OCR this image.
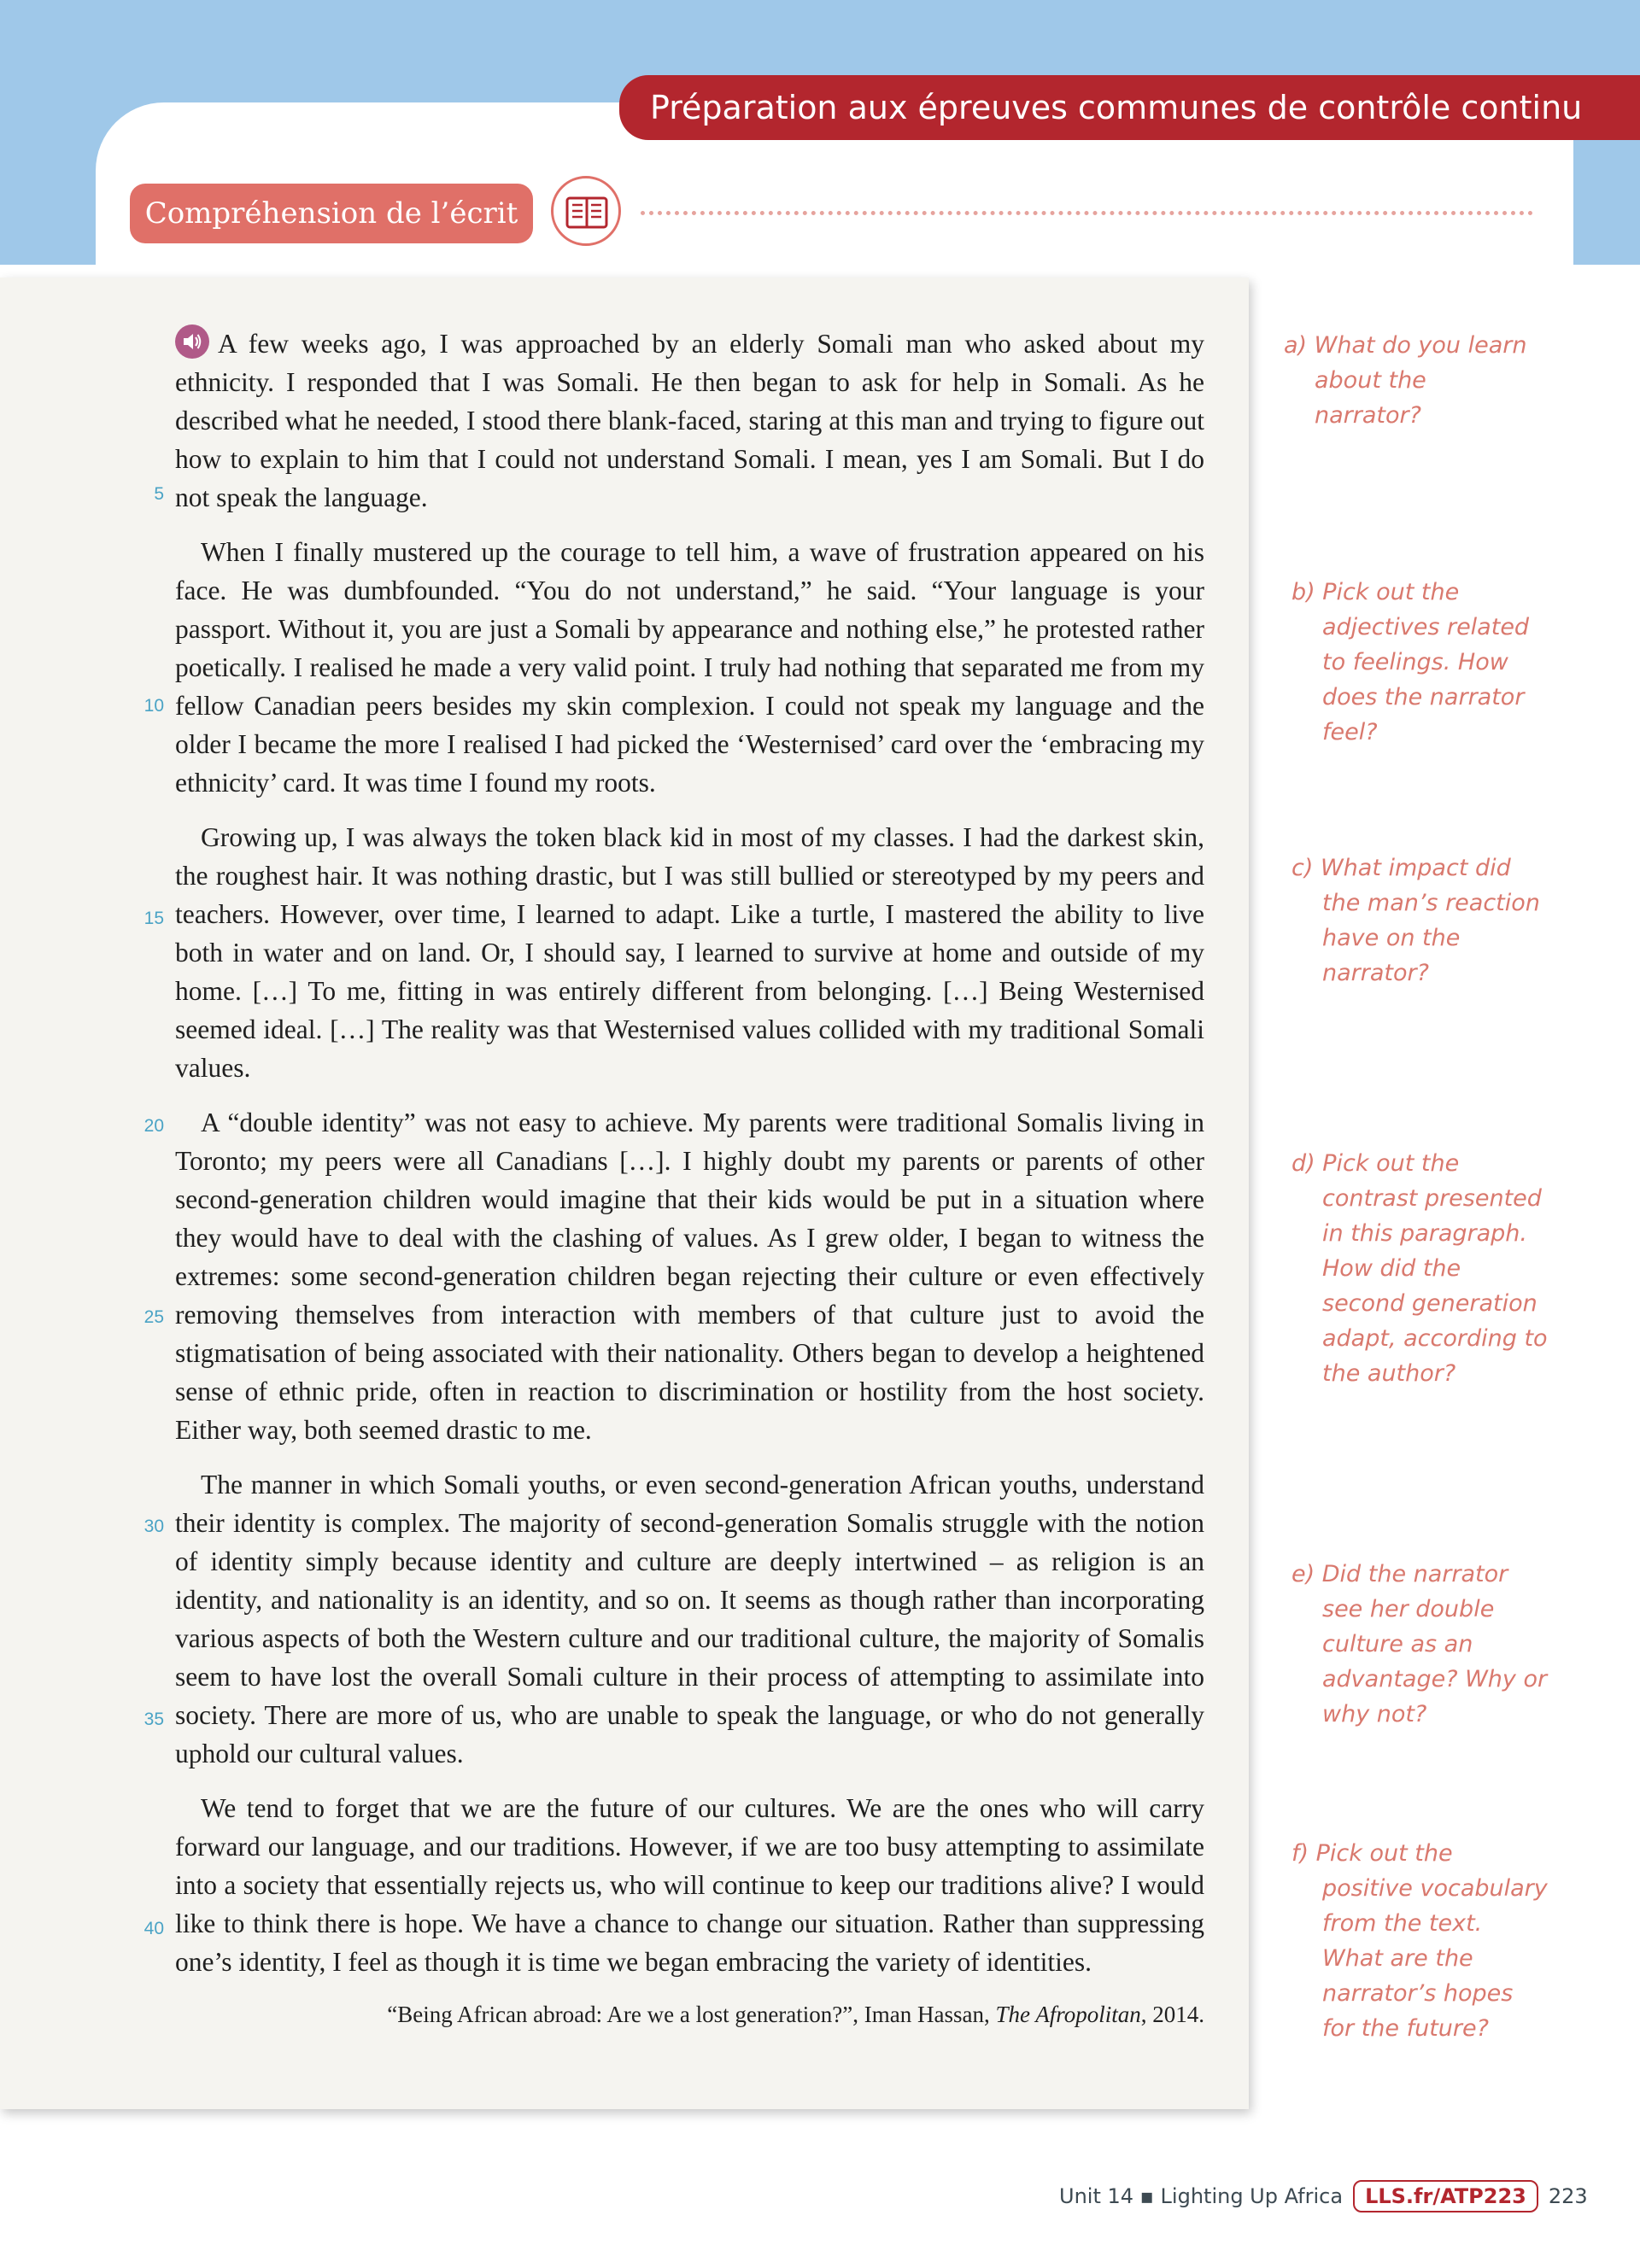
Préparation aux épreuves communes de contrôle continu
Compréhension de l’écrit

A few weeks ago, I was approached by an elderly Somali man who asked about my ethnicity. I responded that I was Somali. He then began to ask for help in Somali. As he described what he needed, I stood there blank-faced, staring at this man and trying to figure out how to explain to him that I could not understand Somali. I mean, yes I am Somali. But I do not speak the language.

When I finally mustered up the courage to tell him, a wave of frustration appeared on his face. He was dumbfounded. “You do not understand,” he said. “Your language is your passport. Without it, you are just a Somali by appearance and nothing else,” he protested rather poetically. I realised he made a very valid point. I truly had nothing that separated me from my fellow Canadian peers besides my skin complexion. I could not speak my language and the older I became the more I realised I had picked the ‘Westernised’ card over the ‘embracing my ethnicity’ card. It was time I found my roots.

Growing up, I was always the token black kid in most of my classes. I had the darkest skin, the roughest hair. It was nothing drastic, but I was still bullied or stereotyped by my peers and teachers. However, over time, I learned to adapt. Like a turtle, I mastered the ability to live both in water and on land. Or, I should say, I learned to survive at home and outside of my home. […] To me, fitting in was entirely different from belonging. […] Being Westernised seemed ideal. […] The reality was that Westernised values collided with my traditional Somali values.

A “double identity” was not easy to achieve. My parents were traditional Somalis living in Toronto; my peers were all Canadians […]. I highly doubt my parents or parents of other second-generation children would imagine that their kids would be put in a situation where they would have to deal with the clashing of values. As I grew older, I began to witness the extremes: some second-generation children began rejecting their culture or even effectively removing themselves from interaction with members of that culture just to avoid the stigmatisation of being associated with their nationality. Others began to develop a heightened sense of ethnic pride, often in reaction to discrimination or hostility from the host society. Either way, both seemed drastic to me.

The manner in which Somali youths, or even second-generation African youths, understand their identity is complex. The majority of second-generation Somalis struggle with the notion of identity simply because identity and culture are deeply intertwined – as religion is an identity, and nationality is an identity, and so on. It seems as though rather than incorporating various aspects of both the Western culture and our traditional culture, the majority of Somalis seem to have lost the overall Somali culture in their process of attempting to assimilate into society. There are more of us, who are unable to speak the language, or who do not generally uphold our cultural values.

We tend to forget that we are the future of our cultures. We are the ones who will carry forward our language, and our traditions. However, if we are too busy attempting to assimilate into a society that essentially rejects us, who will continue to keep our traditions alive? I would like to think there is hope. We have a chance to change our situation. Rather than suppressing one’s identity, I feel as though it is time we began embracing the variety of identities.

“Being African abroad: Are we a lost generation?”, Iman Hassan, The Afropolitan, 2014.
5
10
15
20
25
30
35
40
a) What do you learn about the narrator?
b) Pick out the adjectives related to feelings. How does the narrator feel?
c) What impact did the man’s reaction have on the narrator?
d) Pick out the contrast presented in this paragraph. How did the second generation adapt, according to the author?
e) Did the narrator see her double culture as an advantage? Why or why not?
f) Pick out the positive vocabulary from the text. What are the narrator’s hopes for the future?
Unit 14 ▪ Lighting Up Africa LLS.fr/ATP223 223
